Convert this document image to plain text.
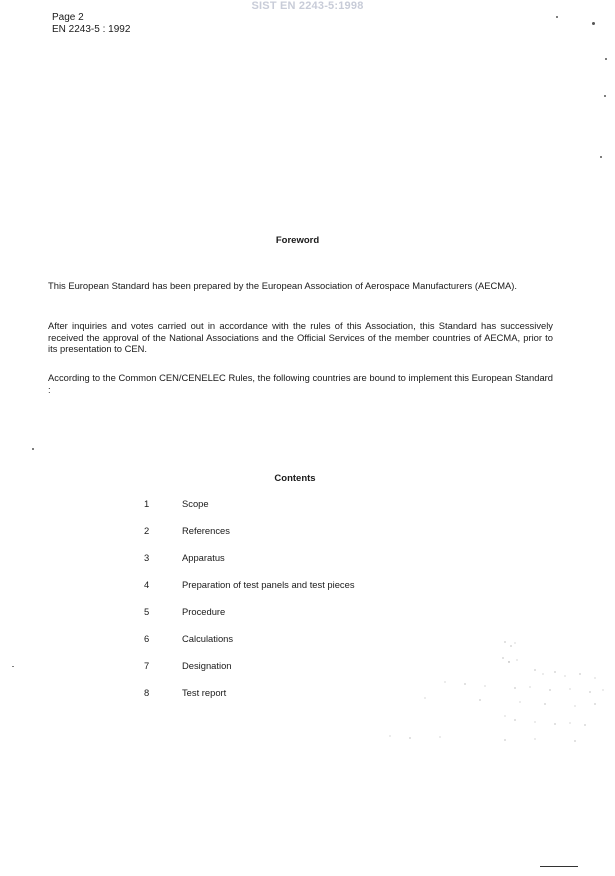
SIST EN 2243-5:1998
Page 2
EN 2243-5 : 1992
Foreword

This European Standard has been prepared by the European Association of Aerospace Manufacturers (AECMA).

After inquiries and votes carried out in accordance with the rules of this Association, this Standard has successively received the approval of the National Associations and the Official Services of the member countries of AECMA, prior to its presentation to CEN.

According to the Common CEN/CENELEC Rules, the following countries are bound to implement this European Standard :

Contents
1	Scope
2	References
3	Apparatus
4	Preparation of test panels and test pieces
5	Procedure
6	Calculations
7	Designation
8	Test report
